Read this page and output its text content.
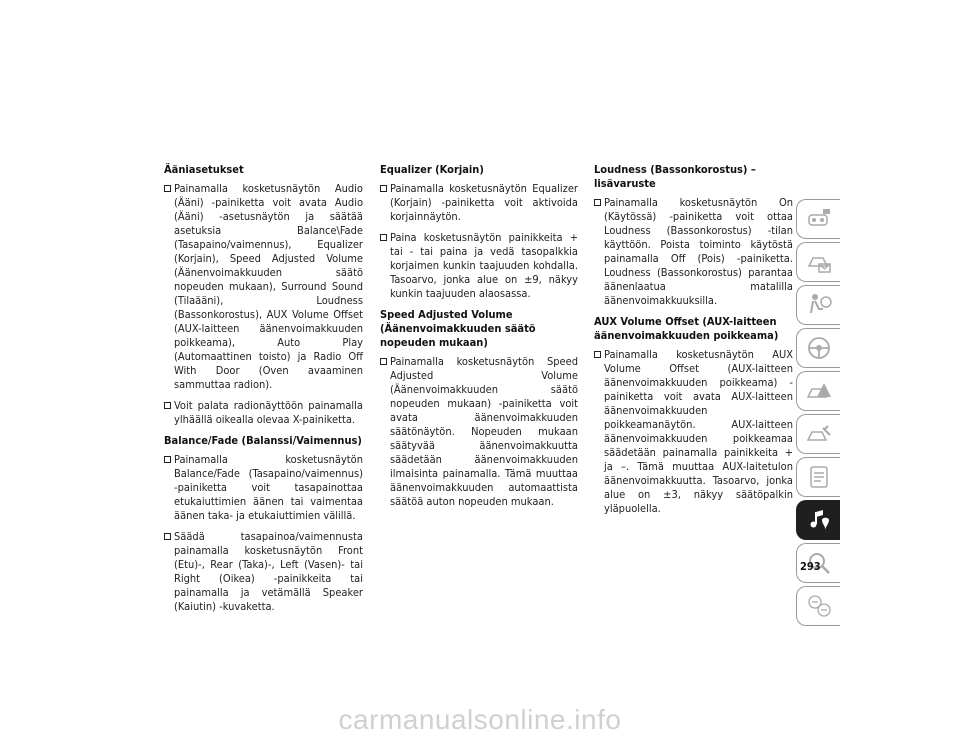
Ääniasetukset
Painamalla kosketusnäytön Audio (Ääni) -painiketta voit avata Audio (Ääni) -asetusnäytön ja säätää asetuksia Balance\Fade (Tasapaino/vaimennus), Equalizer (Korjain), Speed Adjusted Volume (Äänenvoimakkuuden säätö nopeuden mukaan), Surround Sound (Tilaääni), Loudness (Bassonkorostus), AUX Volume Offset (AUX-laitteen äänenvoimakkuuden poikkeama), Auto Play (Automaattinen toisto) ja Radio Off With Door (Oven avaaminen sammuttaa radion).
Voit palata radionäyttöön painamalla ylhäällä oikealla olevaa X-painiketta.
Balance/Fade (Balanssi/Vaimennus)
Painamalla kosketusnäytön Balance/Fade (Tasapaino/vaimennus) -painiketta voit tasapainottaa etukaiuttimien äänen tai vaimentaa äänen taka- ja etukaiuttimien välillä.
Säädä tasapainoa/vaimennusta painamalla kosketusnäytön Front (Etu)-, Rear (Taka)-, Left (Vasen)- tai Right (Oikea) -painikkeita tai painamalla ja vetämällä Speaker (Kaiutin) -kuvaketta.
Equalizer (Korjain)
Painamalla kosketusnäytön Equalizer (Korjain) -painiketta voit aktivoida korjainnäytön.
Paina kosketusnäytön painikkeita + tai - tai paina ja vedä tasopalkkia korjaimen kunkin taajuuden kohdalla. Tasoarvo, jonka alue on ±9, näkyy kunkin taajuuden alaosassa.
Speed Adjusted Volume (Äänenvoimakkuuden säätö nopeuden mukaan)
Painamalla kosketusnäytön Speed Adjusted Volume (Äänenvoimakkuuden säätö nopeuden mukaan) -painiketta voit avata äänenvoimakkuuden säätönäytön. Nopeuden mukaan säätyvää äänenvoimakkuutta säädetään äänenvoimakkuuden ilmaisinta painamalla. Tämä muuttaa äänenvoimakkuuden automaattista säätöä auton nopeuden mukaan.
Loudness (Bassonkorostus) – lisävaruste
Painamalla kosketusnäytön On (Käytössä) -painiketta voit ottaa Loudness (Bassonkorostus) -tilan käyttöön. Poista toiminto käytöstä painamalla Off (Pois) -painiketta. Loudness (Bassonkorostus) parantaa äänenlaatua matalilla äänenvoimakkuuksilla.
AUX Volume Offset (AUX-laitteen äänenvoimakkuuden poikkeama)
Painamalla kosketusnäytön AUX Volume Offset (AUX-laitteen äänenvoimakkuuden poikkeama) -painiketta voit avata AUX-laitteen äänenvoimakkuuden poikkeamanäytön. AUX-laitteen äänenvoimakkuuden poikkeamaa säädetään painamalla painikkeita + ja –. Tämä muuttaa AUX-laitetulon äänenvoimakkuutta. Tasoarvo, jonka alue on ±3, näkyy säätöpalkin yläpuolella.
293
carmanualsonline.info
